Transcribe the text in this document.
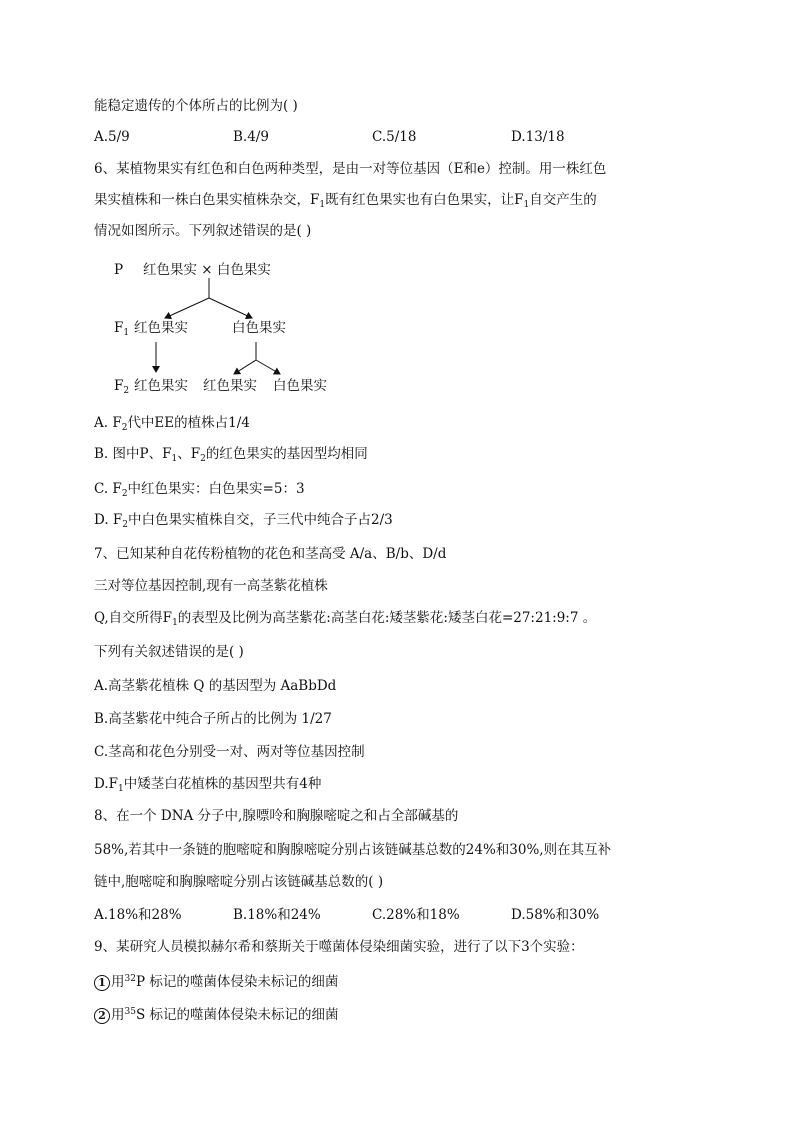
能稳定遗传的个体所占的比例为( )
A.5/9	B.4/9	C.5/18	D.13/18
6、某植物果实有红色和白色两种类型，是由一对等位基因（E和e）控制。用一株红色
果实植株和一株白色果实植株杂交，$F_1$既有红色果实也有白色果实，让$F_1$自交产生的
情况如图所示。下列叙述错误的是( )
P 红色果实 × 白色果实
$F_1$ 红色果实	白色果实
$F_2$ 红色果实 红色果实 白色果实
A. $F_2$代中EE的植株占1/4
B. 图中P、$F_1$、$F_2$的红色果实的基因型均相同
C. $F_2$中红色果实：白色果实=5：3
D. $F_2$中白色果实植株自交，子三代中纯合子占2/3
7、已知某种自花传粉植物的花色和茎高受 A/a、B/b、D/d
三对等位基因控制,现有一高茎紫花植株
Q,自交所得$F_1$的表型及比例为高茎紫花:高茎白花:矮茎紫花:矮茎白花=27:21:9:7 。
下列有关叙述错误的是( )
A.高茎紫花植株 Q 的基因型为 AaBbDd
B.高茎紫花中纯合子所占的比例为 1/27
C.茎高和花色分别受一对、两对等位基因控制
$D.F_1$中矮茎白花植株的基因型共有4种
8、在一个 DNA 分子中,腺嘌呤和胸腺嘧啶之和占全部碱基的
58%,若其中一条链的胞嘧啶和胸腺嘧啶分别占该链碱基总数的24%和30%,则在其互补
链中,胞嘧啶和胸腺嘧啶分别占该链碱基总数的( )
A.18%和28%	B.18%和24%	C.28%和18%	D.58%和30%
9、某研究人员模拟赫尔希和蔡斯关于噬菌体侵染细菌实验，进行了以下3个实验：
1 用$^{32}$P 标记的噬菌体侵染未标记的细菌
2 用$^{35}$S 标记的噬菌体侵染未标记的细菌
